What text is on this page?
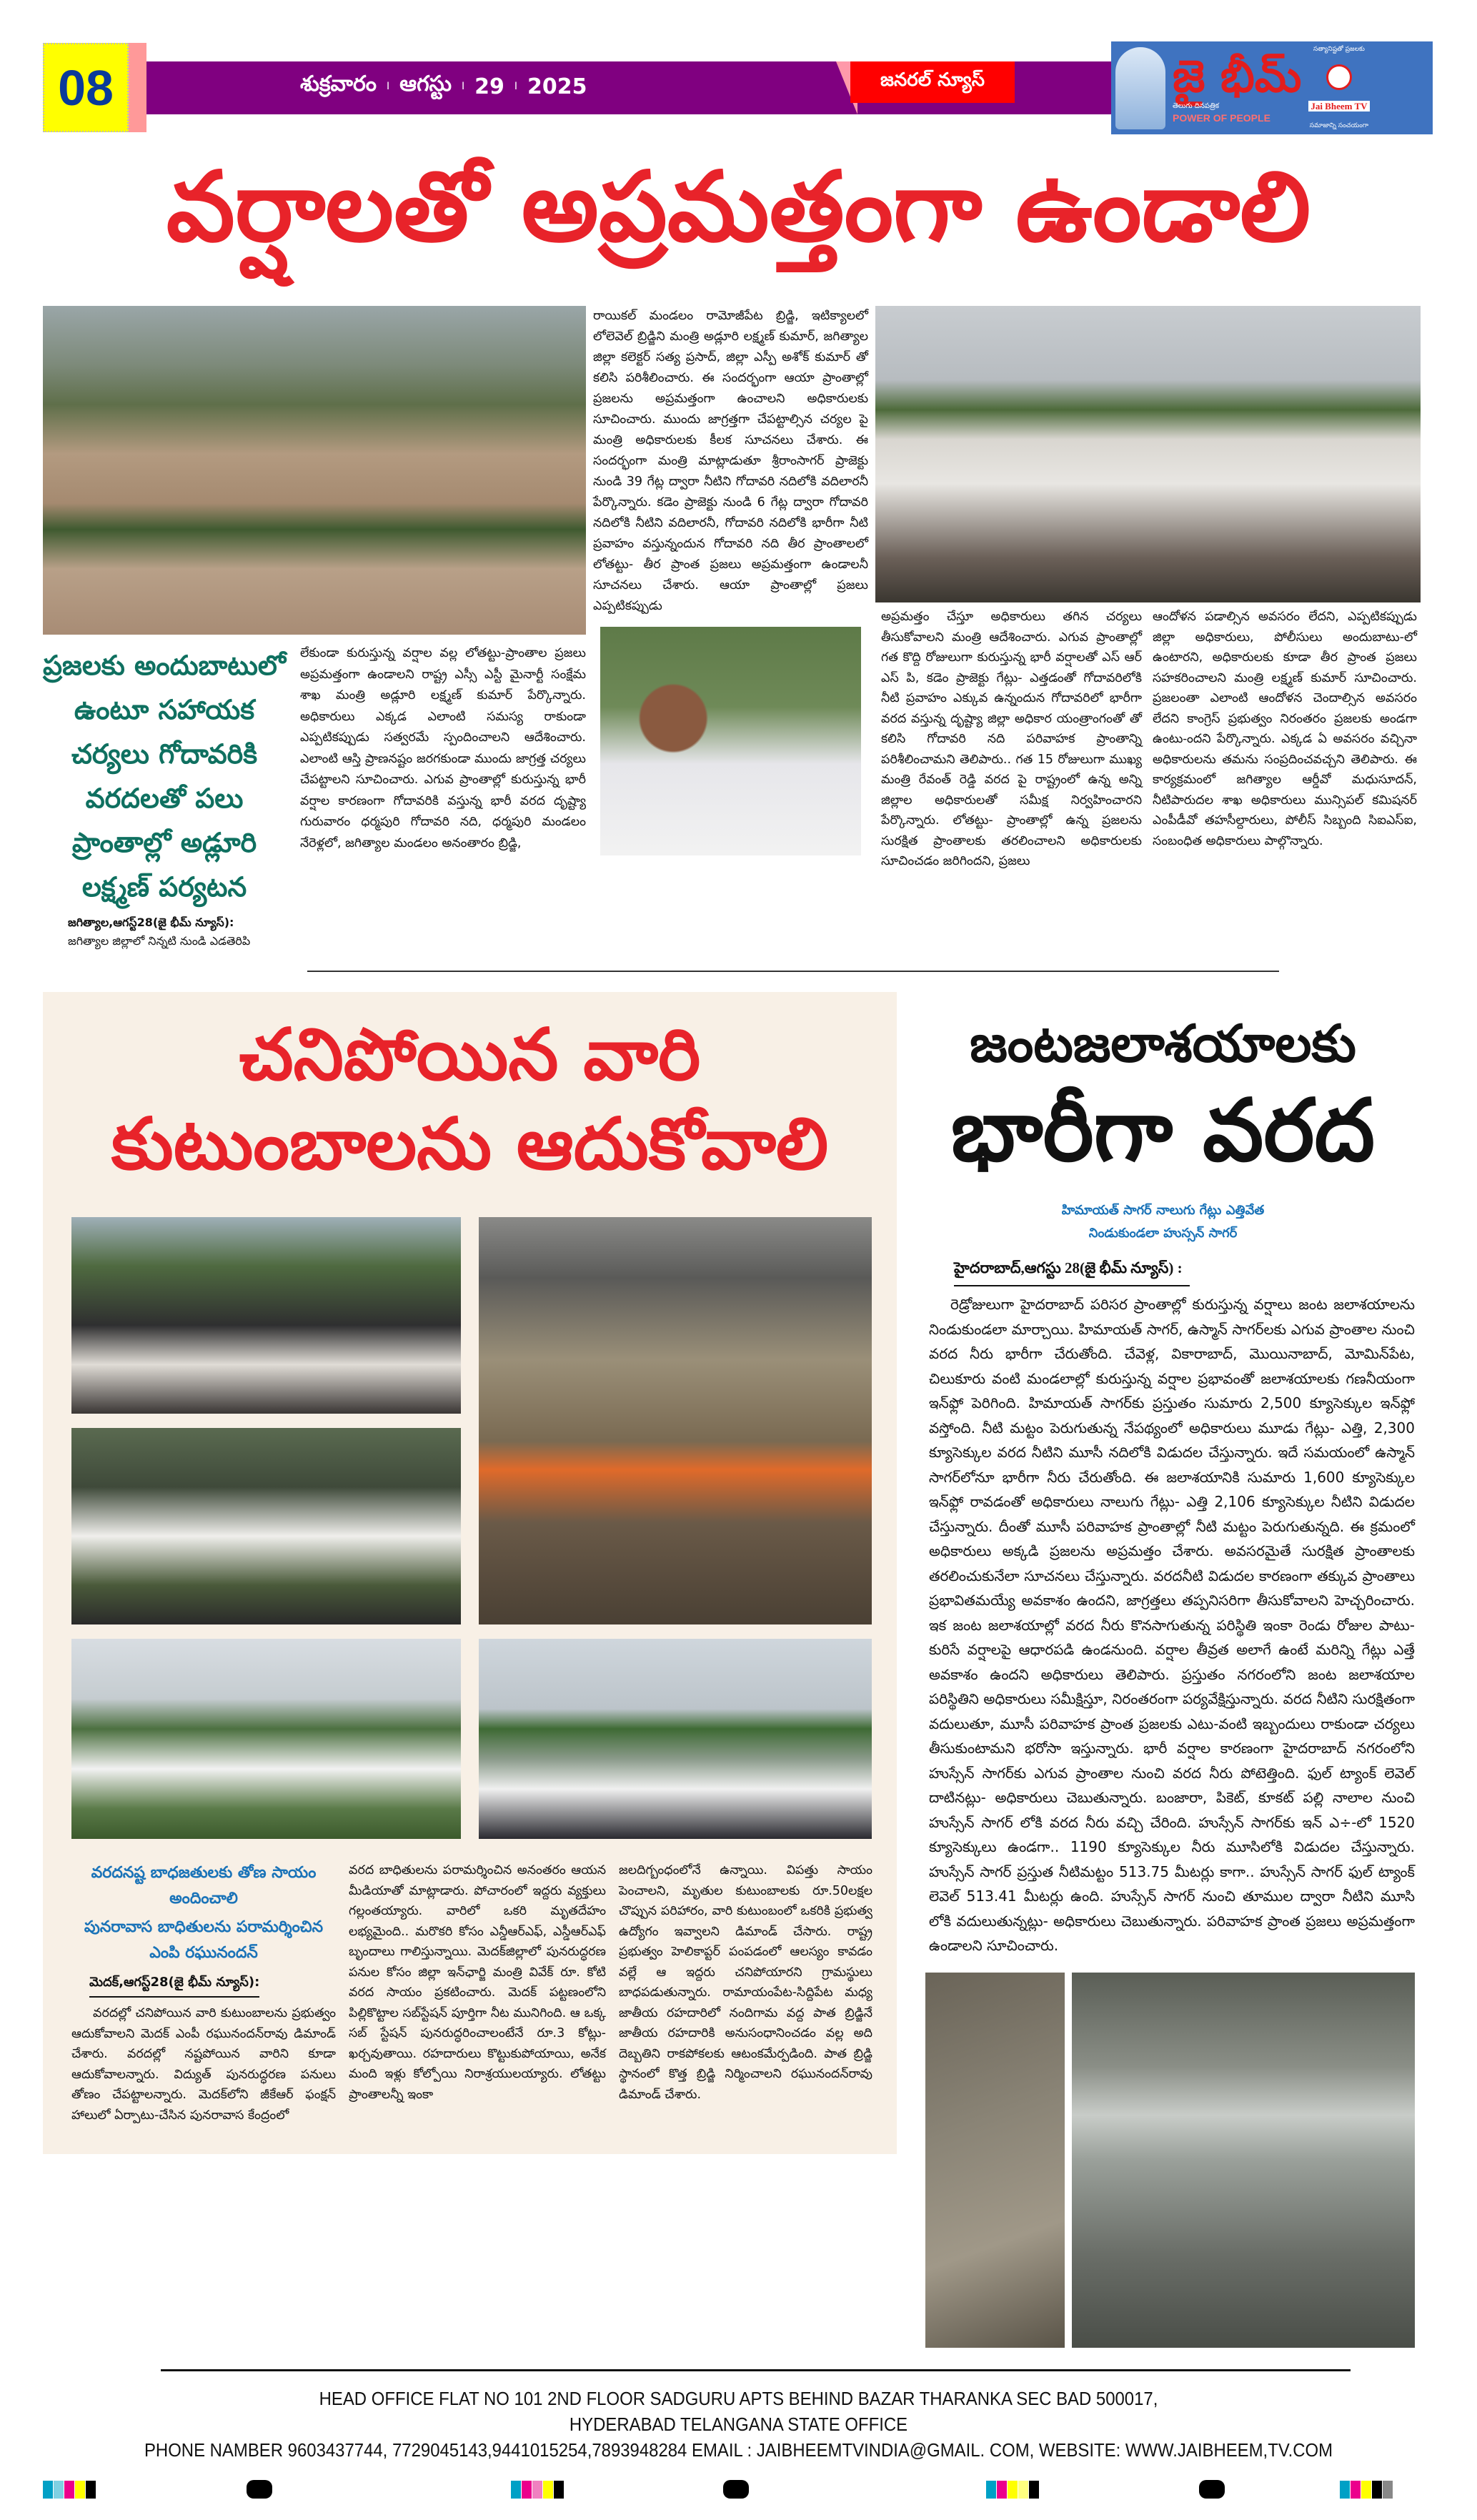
08	శుక్రవారం I ఆగస్టు I 29 I 2025	జనరల్ న్యూస్	జై భీమ్
తెలుగు దినపత్రిక
POWER OF PEOPLE
సత్యానిష్టతో ప్రజలకు
Jai Bheem TV
సమాజాన్ని సంచయంగా
వర్షాలతో అప్రమత్తంగా ఉండాలి
ప్రజలకు అందుబాటులో ఉంటూ సహాయక చర్యలు గోదావరికి వరదలతో పలు ప్రాంతాల్లో అడ్లూరి లక్ష్మణ్ పర్యటన
జగిత్యాల,ఆగస్ట్28(జై భీమ్ న్యూస్):
జగిత్యాల జిల్లాలో నిన్నటి నుండి ఎడతెరిపి
లేకుండా కురుస్తున్న వర్షాల వల్ల లోతట్టు-ప్రాంతాల ప్రజలు అప్రమత్తంగా ఉండాలని రాష్ట్ర ఎస్సీ ఎస్టీ మైనార్టీ సంక్షేమ శాఖ మంత్రి అడ్లూరి లక్ష్మణ్ కుమార్ పేర్కొన్నారు. అధికారులు ఎక్కడ ఎలాంటి సమస్య రాకుండా ఎప్పటికప్పుడు సత్వరమే స్పందించాలని ఆదేశించారు. ఎలాంటి ఆస్తి ప్రాణనష్టం జరగకుండా ముందు జాగ్రత్త చర్యలు చేపట్టాలని సూచించారు. ఎగువ ప్రాంతాల్లో కురుస్తున్న భారీ వర్షాల కారణంగా గోదావరికి వస్తున్న భారీ వరద దృష్ట్యా గురువారం ధర్మపురి గోదావరి నది, ధర్మపురి మండలం నేరెళ్లలో, జగిత్యాల మండలం అనంతారం బ్రిడ్జి,
రాయికల్ మండలం రామోజీపేట బ్రిడ్జి, ఇటిక్యాలలో లోలెవెల్ బ్రిడ్జిని మంత్రి అడ్లూరి లక్ష్మణ్ కుమార్, జగిత్యాల జిల్లా కలెక్టర్ సత్య ప్రసాద్, జిల్లా ఎస్పీ అశోక్ కుమార్ తో కలిసి పరిశీలించారు. ఈ సందర్భంగా ఆయా ప్రాంతాల్లో ప్రజలను అప్రమత్తంగా ఉంచాలని అధికారులకు సూచించారు. ముందు జాగ్రత్తగా చేపట్టాల్సిన చర్యల పై మంత్రి అధికారులకు కీలక సూచనలు చేశారు. ఈ సందర్భంగా మంత్రి మాట్లాడుతూ శ్రీరాంసాగర్ ప్రాజెక్టు నుండి 39 గేట్ల ద్వారా నీటిని గోదావరి నదిలోకి వదిలారనీ పేర్కొన్నారు. కడెం ప్రాజెక్టు నుండి 6 గేట్ల ద్వారా గోదావరి నదిలోకి నీటిని వదిలారనీ, గోదావరి నదిలోకి భారీగా నీటి ప్రవాహం వస్తున్నందున గోదావరి నది తీర ప్రాంతాలలో లోతట్టు- తీర ప్రాంత ప్రజలు అప్రమత్తంగా ఉండాలనీ సూచనలు చేశారు. ఆయా ప్రాంతాల్లో ప్రజలు ఎప్పటికప్పుడు
అప్రమత్తం చేస్తూ అధికారులు తగిన చర్యలు తీసుకోవాలని మంత్రి ఆదేశించారు. ఎగువ ప్రాంతాల్లో గత కొద్ది రోజులుగా కురుస్తున్న భారీ వర్షాలతో ఎస్ ఆర్ ఎస్ పి, కడెం ప్రాజెక్టు గేట్లు- ఎత్తడంతో గోదావరిలోకి నీటి ప్రవాహం ఎక్కువ ఉన్నందున గోదావరిలో భారీగా వరద వస్తున్న దృష్ట్యా జిల్లా అధికార యంత్రాంగంతో తో కలిసి గోదావరి నది పరివాహక ప్రాంతాన్ని పరిశీలించామని తెలిపారు.. గత 15 రోజులుగా ముఖ్య మంత్రి రేవంత్ రెడ్డి వరద పై రాష్ట్రంలో ఉన్న అన్ని జిల్లాల అధికారులతో సమీక్ష నిర్వహించారని పేర్కొన్నారు. లోతట్టు- ప్రాంతాల్లో ఉన్న ప్రజలను సురక్షిత ప్రాంతాలకు తరలించాలని అధికారులకు సూచించడం జరిగిందని, ప్రజలు
ఆందోళన పడాల్సిన అవసరం లేదని, ఎప్పటికప్పుడు జిల్లా అధికారులు, పోలీసులు అందుబాటు-లో ఉంటారని, అధికారులకు కూడా తీర ప్రాంత ప్రజలు సహకరించాలని మంత్రి లక్ష్మణ్ కుమార్ సూచించారు. ప్రజలంతా ఎలాంటి ఆందోళన చెందాల్సిన అవసరం లేదని కాంగ్రెస్ ప్రభుత్వం నిరంతరం ప్రజలకు అండగా ఉంటు-ందని పేర్కొన్నారు. ఎక్కడ ఏ అవసరం వచ్చినా అధికారులను తమను సంప్రదించవచ్చని తెలిపారు. ఈ కార్యక్రమంలో జగిత్యాల ఆర్డీవో మధుసూదన్, నీటిపారుదల శాఖ అధికారులు మున్సిపల్ కమిషనర్ ఎంపీడీవో తహసీల్దారులు, పోలీస్ సిబ్బంది సిఐఎస్ఐ, సంబంధిత అధికారులు పాల్గొన్నారు.
చనిపోయిన వారి
కుటుంబాలను ఆదుకోవాలి
వరదనష్ట బాధజతులకు తోణ సాయం అందించాలి
పునరావాస బాధితులను పరామర్శించిన ఎంపి రఘునందన్
మెదక్,ఆగస్ట్28(జై భీమ్ న్యూస్):
వరదల్లో చనిపోయిన వారి కుటుంబాలను ప్రభుత్వం ఆదుకోవాలని మెదక్ ఎంపీ రఘునందన్‌రావు డిమాండ్ చేశారు. వరదల్లో నష్టపోయిన వారిని కూడా ఆదుకోవాలన్నారు. విద్యుత్ పునరుద్ధరణ పనులు తోణం చేపట్టాలన్నారు. మెదక్‌లోని జీకేఆర్ ఫంక్షన్ హాలులో ఏర్పాటు-చేసిన పునరావాస కేంద్రంలో
వరద బాధితులను పరామర్శించిన అనంతరం ఆయన మీడియాతో మాట్లాడారు. పోచారంలో ఇద్దరు వ్యక్తులు గల్లంతయ్యారు. వారిలో ఒకరి మృతదేహం లభ్యమైంది.. మరొకరి కోసం ఎన్డీఆర్ఎఫ్, ఎస్డీఆర్ఎఫ్ బృందాలు గాలిస్తున్నాయి. మెదక్‌జిల్లాలో పునరుద్ధరణ పనుల కోసం జిల్లా ఇన్‌ఛార్జి మంత్రి వివేక్ రూ. కోటి వరద సాయం ప్రకటించారు. మెదక్ పట్టణంలోని పిల్లికొట్టాల సబ్‌స్టేషన్ పూర్తిగా నీట మునిగింది. ఆ ఒక్క సబ్ స్టేషన్ పునరుద్ధరించాలంటేనే రూ.3 కోట్లు- ఖర్చవుతాయి. రహదారులు కొట్టుకుపోయాయి, అనేక మంది ఇళ్లు కోల్పోయి నిరాశ్రయులయ్యారు. లోతట్టు ప్రాంతాలన్నీ ఇంకా
జలదిగ్బంధంలోనే ఉన్నాయి. విపత్తు సాయం పెంచాలని, మృతుల కుటుంబాలకు రూ.50లక్షల చొప్పున పరిహారం, వారి కుటుంబంలో ఒకరికి ప్రభుత్వ ఉద్యోగం ఇవ్వాలని డిమాండ్ చేసారు. రాష్ట్ర ప్రభుత్వం హెలికాప్టర్ పంపడంలో ఆలస్యం కావడం వల్లే ఆ ఇద్దరు చనిపోయారని గ్రామస్థులు బాధపడుతున్నారు. రామాయంపేట-సిద్దిపేట మధ్య జాతీయ రహదారిలో నందిగామ వద్ద పాత బ్రిడ్జినే జాతీయ రహదారికి అనుసంధానించడం వల్ల అది దెబ్బతిని రాకపోకలకు ఆటంకమేర్పడింది. పాత బ్రిడ్జి స్థానంలో కొత్త బ్రిడ్జి నిర్మించాలని రఘునందన్‌రావు డిమాండ్ చేశారు.
జంటజలాశయాలకు
భారీగా వరద
హిమాయత్ సాగర్ నాలుగు గేట్లు ఎత్తివేత
నిండుకుండలా హుస్సన్ సాగర్
హైదరాబాద్,ఆగస్టు 28(జై భీమ్ న్యూస్) :

రెడ్రోజులుగా హైదరాబాద్ పరిసర ప్రాంతాల్లో కురుస్తున్న వర్షాలు జంట జలాశయాలను నిండుకుండలా మార్చాయి. హిమాయత్ సాగర్, ఉస్మాన్ సాగర్‌లకు ఎగువ ప్రాంతాల నుంచి వరద నీరు భారీగా చేరుతోంది. చేవెళ్ల, వికారాబాద్, మొయినాబాద్, మోమిన్‌పేట, చిలుకూరు వంటి మండలాల్లో కురుస్తున్న వర్షాల ప్రభావంతో జలాశయాలకు గణనీయంగా ఇన్‌ఫ్లో పెరిగింది. హిమాయత్ సాగర్‌కు ప్రస్తుతం సుమారు 2,500 క్యూసెక్కుల ఇన్‌ఫ్లో వస్తోంది. నీటి మట్టం పెరుగుతున్న నేపథ్యంలో అధికారులు మూడు గేట్లు- ఎత్తి, 2,300 క్యూసెక్కుల వరద నీటిని మూసీ నదిలోకి విడుదల చేస్తున్నారు. ఇదే సమయంలో ఉస్మాన్ సాగర్‌లోనూ భారీగా నీరు చేరుతోంది. ఈ జలాశయానికి సుమారు 1,600 క్యూసెక్కుల ఇన్‌ఫ్లో రావడంతో అధికారులు నాలుగు గేట్లు- ఎత్తి 2,106 క్యూసెక్కుల నీటిని విడుదల చేస్తున్నారు. దీంతో మూసీ పరివాహక ప్రాంతాల్లో నీటి మట్టం పెరుగుతున్నది. ఈ క్రమంలో అధికారులు అక్కడి ప్రజలను అప్రమత్తం చేశారు. అవసరమైతే సురక్షిత ప్రాంతాలకు తరలించుకునేలా సూచనలు చేస్తున్నారు. వరదనీటి విడుదల కారణంగా తక్కువ ప్రాంతాలు ప్రభావితమయ్యే అవకాశం ఉందని, జాగ్రత్తలు తప్పనిసరిగా తీసుకోవాలని హెచ్చరించారు. ఇక జంట జలాశయాల్లో వరద నీరు కొనసాగుతున్న పరిస్థితి ఇంకా రెండు రోజుల పాటు- కురిసే వర్షాలపై ఆధారపడి ఉండనుంది. వర్షాల తీవ్రత అలాగే ఉంటే మరిన్ని గేట్లు ఎత్తే అవకాశం ఉందని అధికారులు తెలిపారు. ప్రస్తుతం నగరంలోని జంట జలాశయాల పరిస్థితిని అధికారులు సమీక్షిస్తూ, నిరంతరంగా పర్యవేక్షిస్తున్నారు. వరద నీటిని సురక్షితంగా వదులుతూ, మూసీ పరివాహక ప్రాంత ప్రజలకు ఎటు-వంటి ఇబ్బందులు రాకుండా చర్యలు తీసుకుంటామని భరోసా ఇస్తున్నారు. భారీ వర్షాల కారణంగా హైదరాబాద్ నగరంలోని హుస్సేన్ సాగర్‌కు ఎగువ ప్రాంతాల నుంచి వరద నీరు పోటెత్తింది. ఫుల్ ట్యాంక్ లెవెల్ దాటినట్లు- అధికారులు చెబుతున్నారు. బంజారా, పికెట్, కూకట్ పల్లి నాలాల నుంచి హుస్సేన్ సాగర్ లోకి వరద నీరు వచ్చి చేరింది. హుస్సేన్ సాగర్‌కు ఇన్ ఎ÷-లో 1520 క్యూసెక్కులు ఉండగా.. 1190 క్యూసెక్కుల నీరు మూసిలోకి విడుదల చేస్తున్నారు. హుస్సేన్ సాగర్ ప్రస్తుత నీటిమట్టం 513.75 మీటర్లు కాగా.. హుస్సేన్ సాగర్ ఫుల్ ట్యాంక్ లెవెల్ 513.41 మీటర్లు ఉంది. హుస్సేన్ సాగర్ నుంచి తూముల ద్వారా నీటిని మూసి లోకి వదులుతున్నట్లు- అధికారులు చెబుతున్నారు. పరివాహక ప్రాంత ప్రజలు అప్రమత్తంగా ఉండాలని సూచించారు.

HEAD OFFICE FLAT NO 101 2ND FLOOR SADGURU APTS BEHIND BAZAR THARANKA SEC BAD 500017,
HYDERABAD TELANGANA STATE OFFICE
PHONE NAMBER 9603437744, 7729045143,9441015254,7893948284 EMAIL : JAIBHEEMTVINDIA@GMAIL. COM, WEBSITE: WWW.JAIBHEEM,TV.COM
